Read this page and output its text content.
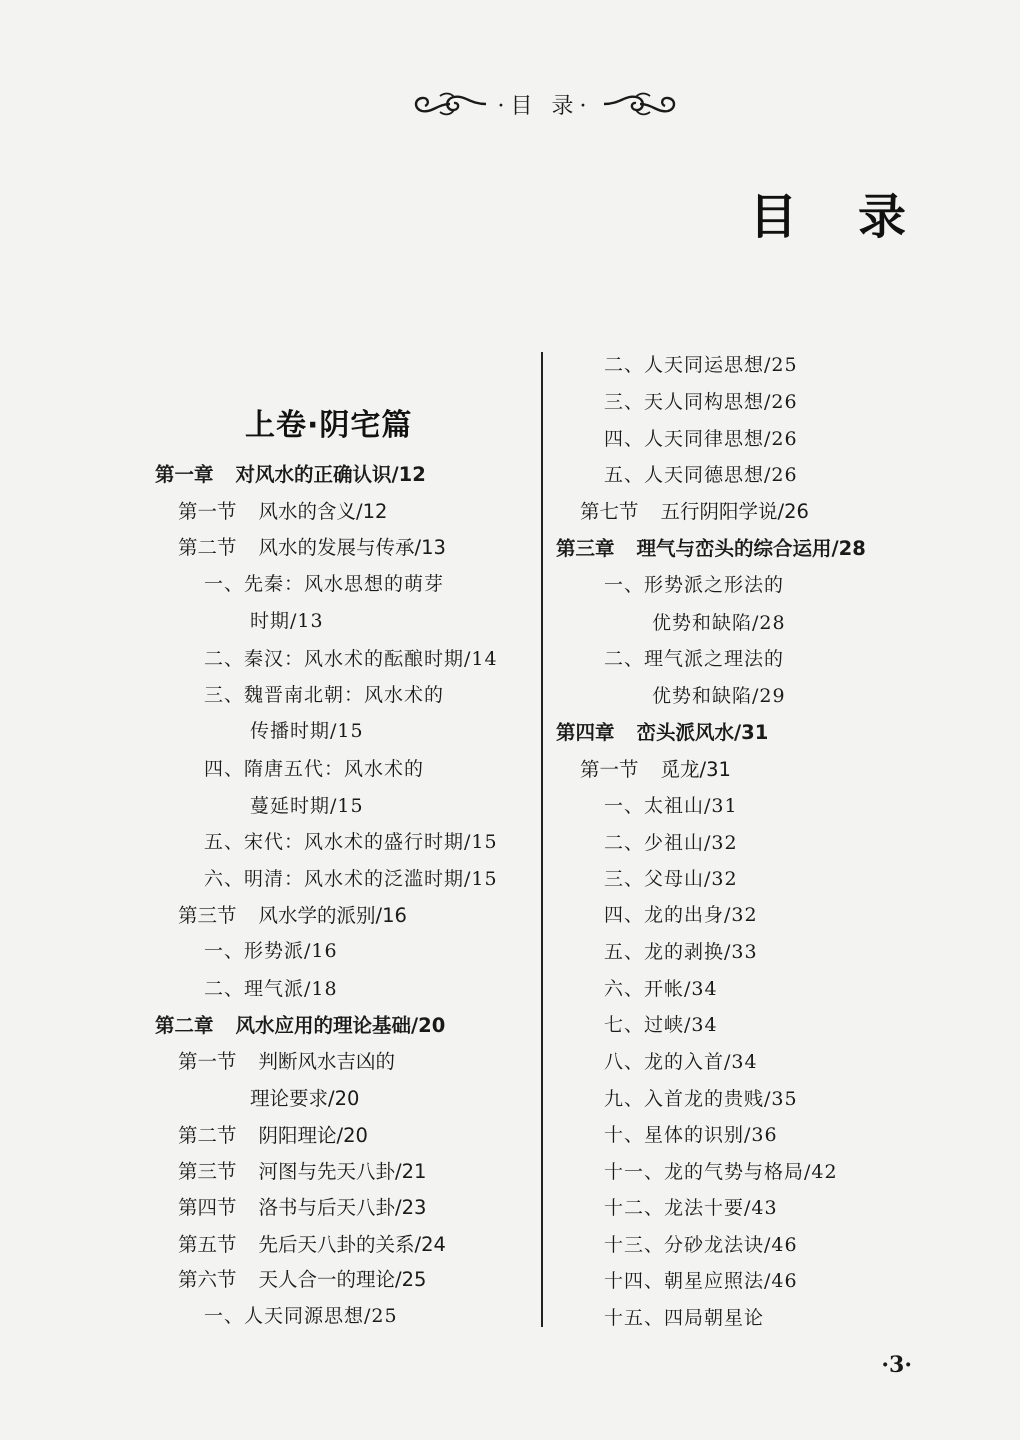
·目 录·
目 录
上卷·阴宅篇
第一章 对风水的正确认识/12
第一节 风水的含义/12
第二节 风水的发展与传承/13
一、先秦：风水思想的萌芽
时期/13
二、秦汉：风水术的酝酿时期/14
三、魏晋南北朝：风水术的
传播时期/15
四、隋唐五代：风水术的
蔓延时期/15
五、宋代：风水术的盛行时期/15
六、明清：风水术的泛滥时期/15
第三节 风水学的派别/16
一、形势派/16
二、理气派/18
第二章 风水应用的理论基础/20
第一节 判断风水吉凶的
理论要求/20
第二节 阴阳理论/20
第三节 河图与先天八卦/21
第四节 洛书与后天八卦/23
第五节 先后天八卦的关系/24
第六节 天人合一的理论/25
一、人天同源思想/25
二、人天同运思想/25
三、天人同构思想/26
四、人天同律思想/26
五、人天同德思想/26
第七节 五行阴阳学说/26
第三章 理气与峦头的综合运用/28
一、形势派之形法的
优势和缺陷/28
二、理气派之理法的
优势和缺陷/29
第四章 峦头派风水/31
第一节 觅龙/31
一、太祖山/31
二、少祖山/32
三、父母山/32
四、龙的出身/32
五、龙的剥换/33
六、开帐/34
七、过峡/34
八、龙的入首/34
九、入首龙的贵贱/35
十、星体的识别/36
十一、龙的气势与格局/42
十二、龙法十要/43
十三、分砂龙法诀/46
十四、朝星应照法/46
十五、四局朝星论
·3·
